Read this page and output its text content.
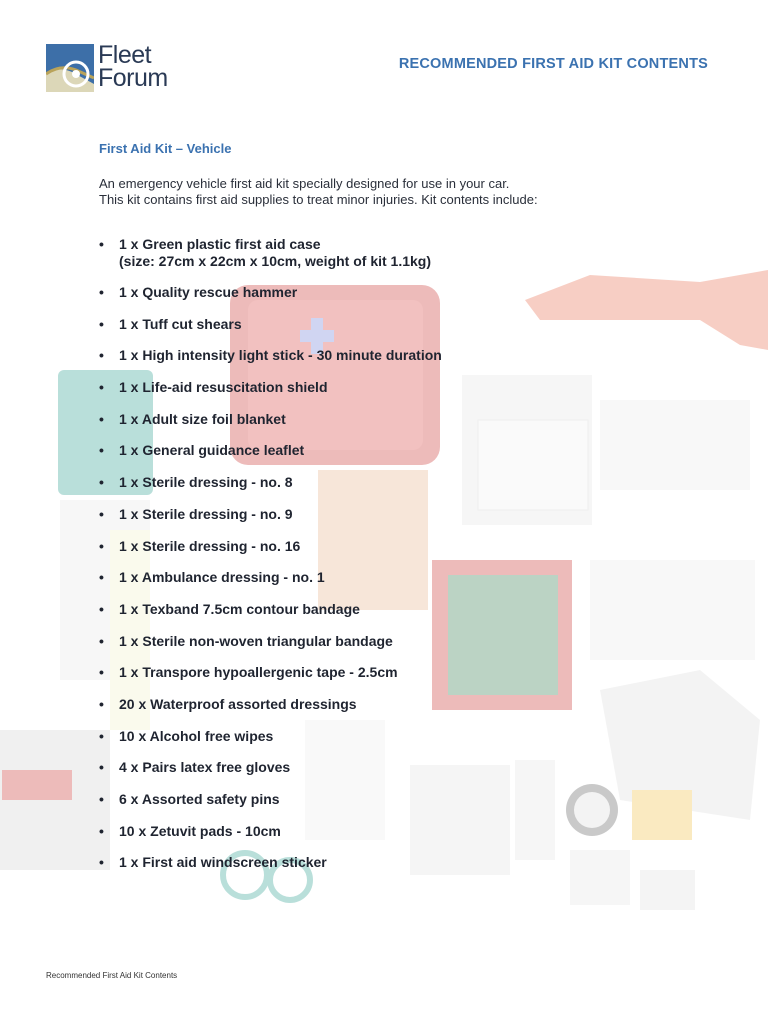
Fleet
Forum	RECOMMENDED FIRST AID KIT CONTENTS
First Aid Kit – Vehicle

An emergency vehicle first aid kit specially designed for use in your car.

This kit contains first aid supplies to treat minor injuries. Kit contents include:

• 1 x Green plastic first aid case
(size: 27cm x 22cm x 10cm, weight of kit 1.1kg)
• 1 x Quality rescue hammer
• 1 x Tuff cut shears
• 1 x High intensity light stick - 30 minute duration
• 1 x Life-aid resuscitation shield
• 1 x Adult size foil blanket
• 1 x General guidance leaflet
• 1 x Sterile dressing - no. 8
• 1 x Sterile dressing - no. 9
• 1 x Sterile dressing - no. 16
• 1 x Ambulance dressing - no. 1
• 1 x Texband 7.5cm contour bandage
• 1 x Sterile non-woven triangular bandage
• 1 x Transpore hypoallergenic tape - 2.5cm
• 20 x Waterproof assorted dressings
• 10 x Alcohol free wipes
• 4 x Pairs latex free gloves
• 6 x Assorted safety pins
• 10 x Zetuvit pads - 10cm
• 1 x First aid windscreen sticker
Recommended First Aid Kit Contents
